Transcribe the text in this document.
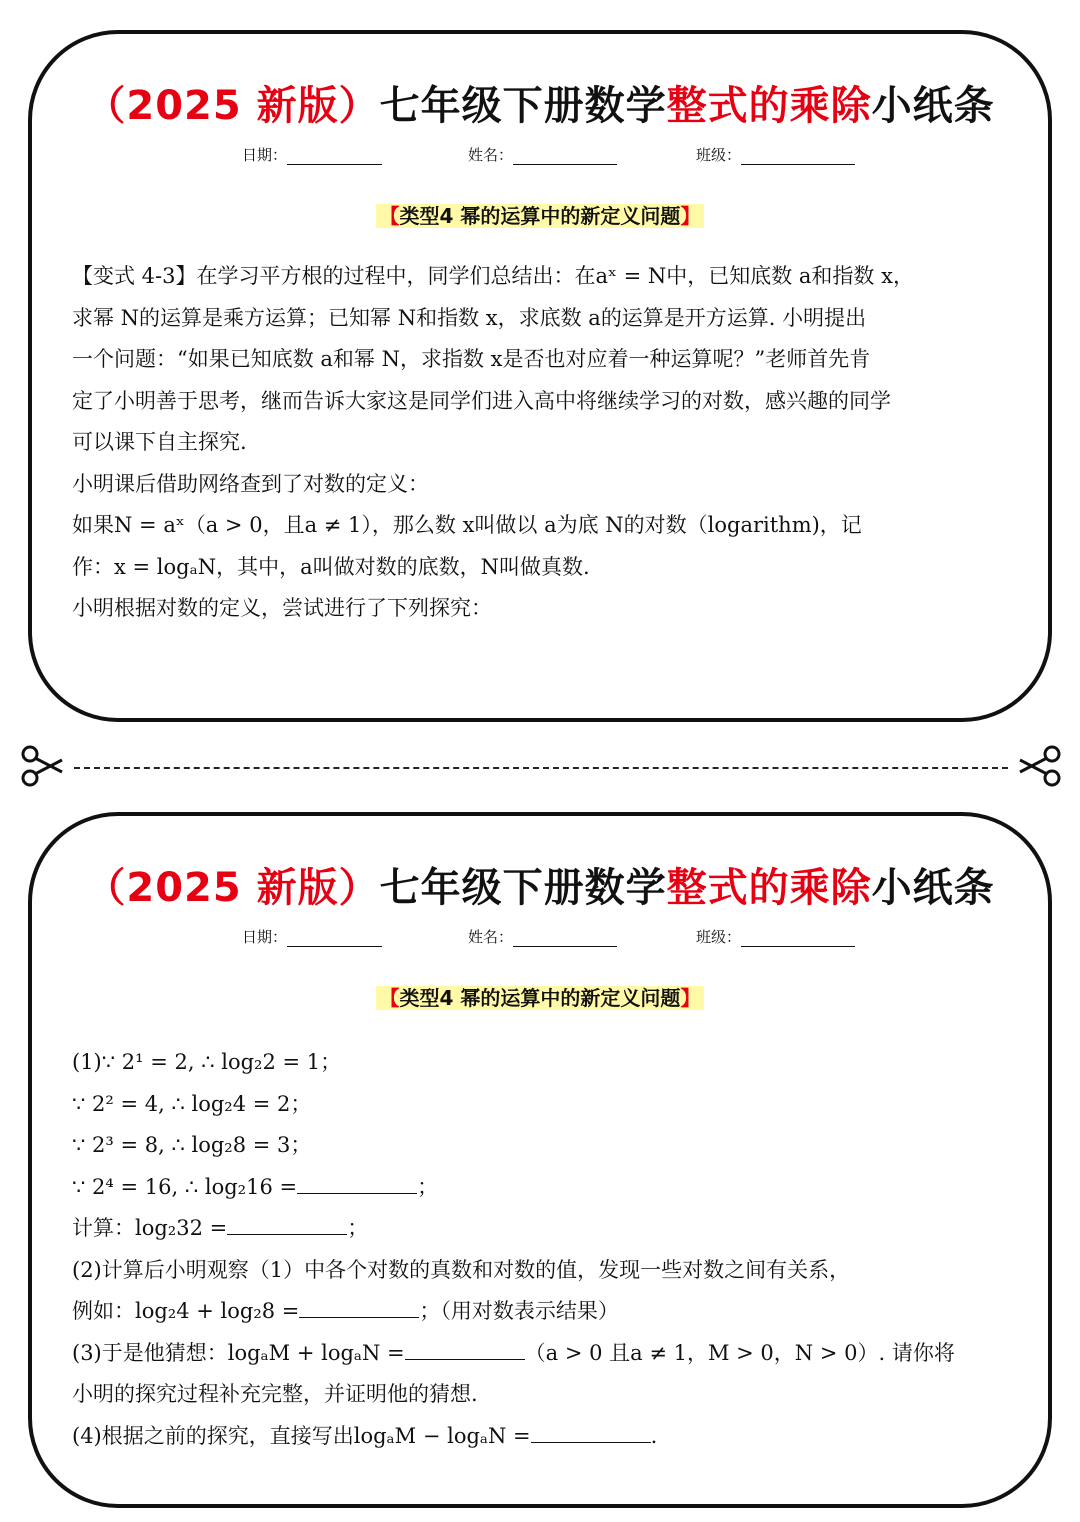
（2025 新版）七年级下册数学整式的乘除小纸条
日期：	姓名：	班级：
【类型4 幂的运算中的新定义问题】

【变式 4-3】在学习平方根的过程中，同学们总结出：在aˣ = N中，已知底数 a和指数 x，

求幂 N的运算是乘方运算；已知幂 N和指数 x，求底数 a的运算是开方运算. 小明提出

一个问题：“如果已知底数 a和幂 N，求指数 x是否也对应着一种运算呢？”老师首先肯

定了小明善于思考，继而告诉大家这是同学们进入高中将继续学习的对数，感兴趣的同学

可以课下自主探究.

小明课后借助网络查到了对数的定义：

如果N = aˣ（a > 0，且a ≠ 1），那么数 x叫做以 a为底 N的对数（logarithm)，记

作：x = logₐN，其中，a叫做对数的底数，N叫做真数.

小明根据对数的定义，尝试进行了下列探究：

（2025 新版）七年级下册数学整式的乘除小纸条
日期：	姓名：	班级：
【类型4 幂的运算中的新定义问题】

(1)∵ 2¹ = 2, ∴ log₂2 = 1；

∵ 2² = 4, ∴ log₂4 = 2；

∵ 2³ = 8, ∴ log₂8 = 3；

∵ 2⁴ = 16, ∴ log₂16 =	；

计算：log₂32 =	；

(2)计算后小明观察（1）中各个对数的真数和对数的值，发现一些对数之间有关系，

例如：log₂4 + log₂8 =	；（用对数表示结果）

(3)于是他猜想：logₐM + logₐN =	（a > 0 且a ≠ 1，M > 0，N > 0）. 请你将

小明的探究过程补充完整，并证明他的猜想.

(4)根据之前的探究，直接写出logₐM − logₐN =	.
